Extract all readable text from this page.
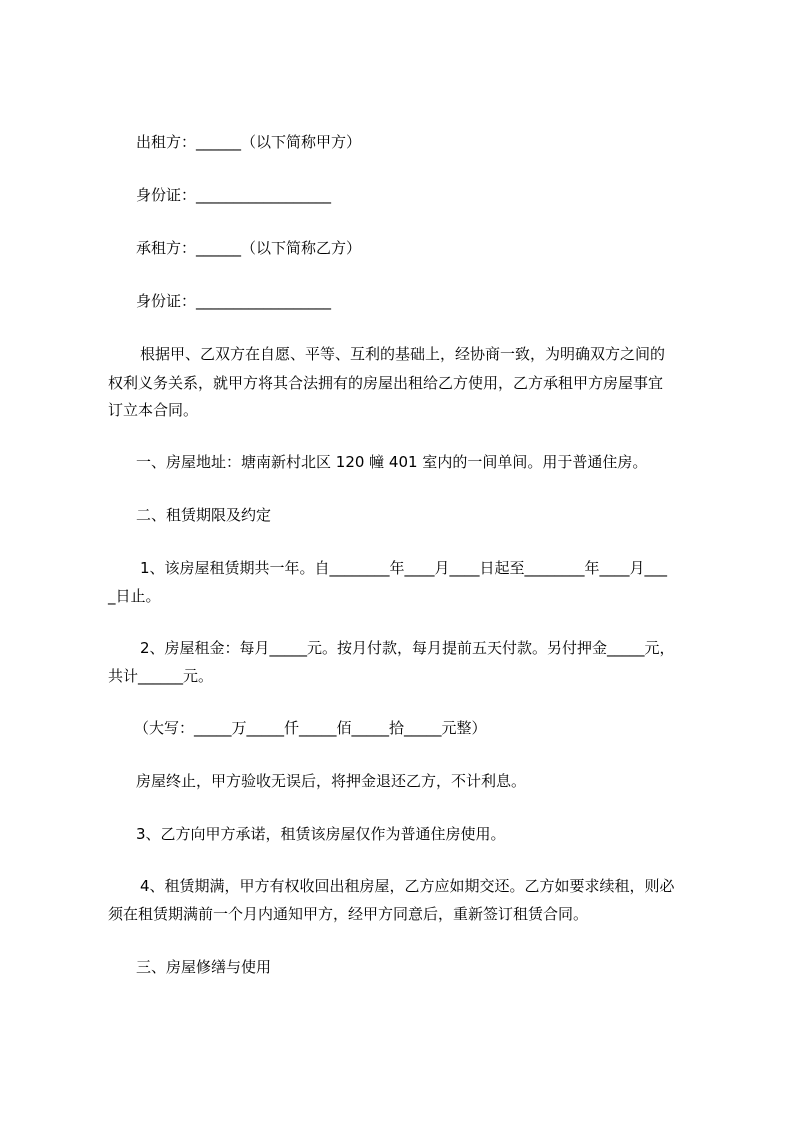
出租方：______（以下简称甲方）
身份证：__________________
承租方：______（以下简称乙方）
身份证：__________________
根据甲、乙双方在自愿、平等、互利的基础上，经协商一致，为明确双方之间的
权利义务关系，就甲方将其合法拥有的房屋出租给乙方使用，乙方承租甲方房屋事宜
订立本合同。
一、房屋地址：塘南新村北区 120 幢 401 室内的一间单间。用于普通住房。
二、租赁期限及约定
1、该房屋租赁期共一年。自________年____月____日起至________年____月___
_日止。
2、房屋租金：每月_____元。按月付款，每月提前五天付款。另付押金_____元，
共计______元。
（大写：_____万_____仟_____佰_____拾_____元整）
房屋终止，甲方验收无误后，将押金退还乙方，不计利息。
3、乙方向甲方承诺，租赁该房屋仅作为普通住房使用。
4、租赁期满，甲方有权收回出租房屋，乙方应如期交还。乙方如要求续租，则必
须在租赁期满前一个月内通知甲方，经甲方同意后，重新签订租赁合同。
三、房屋修缮与使用
